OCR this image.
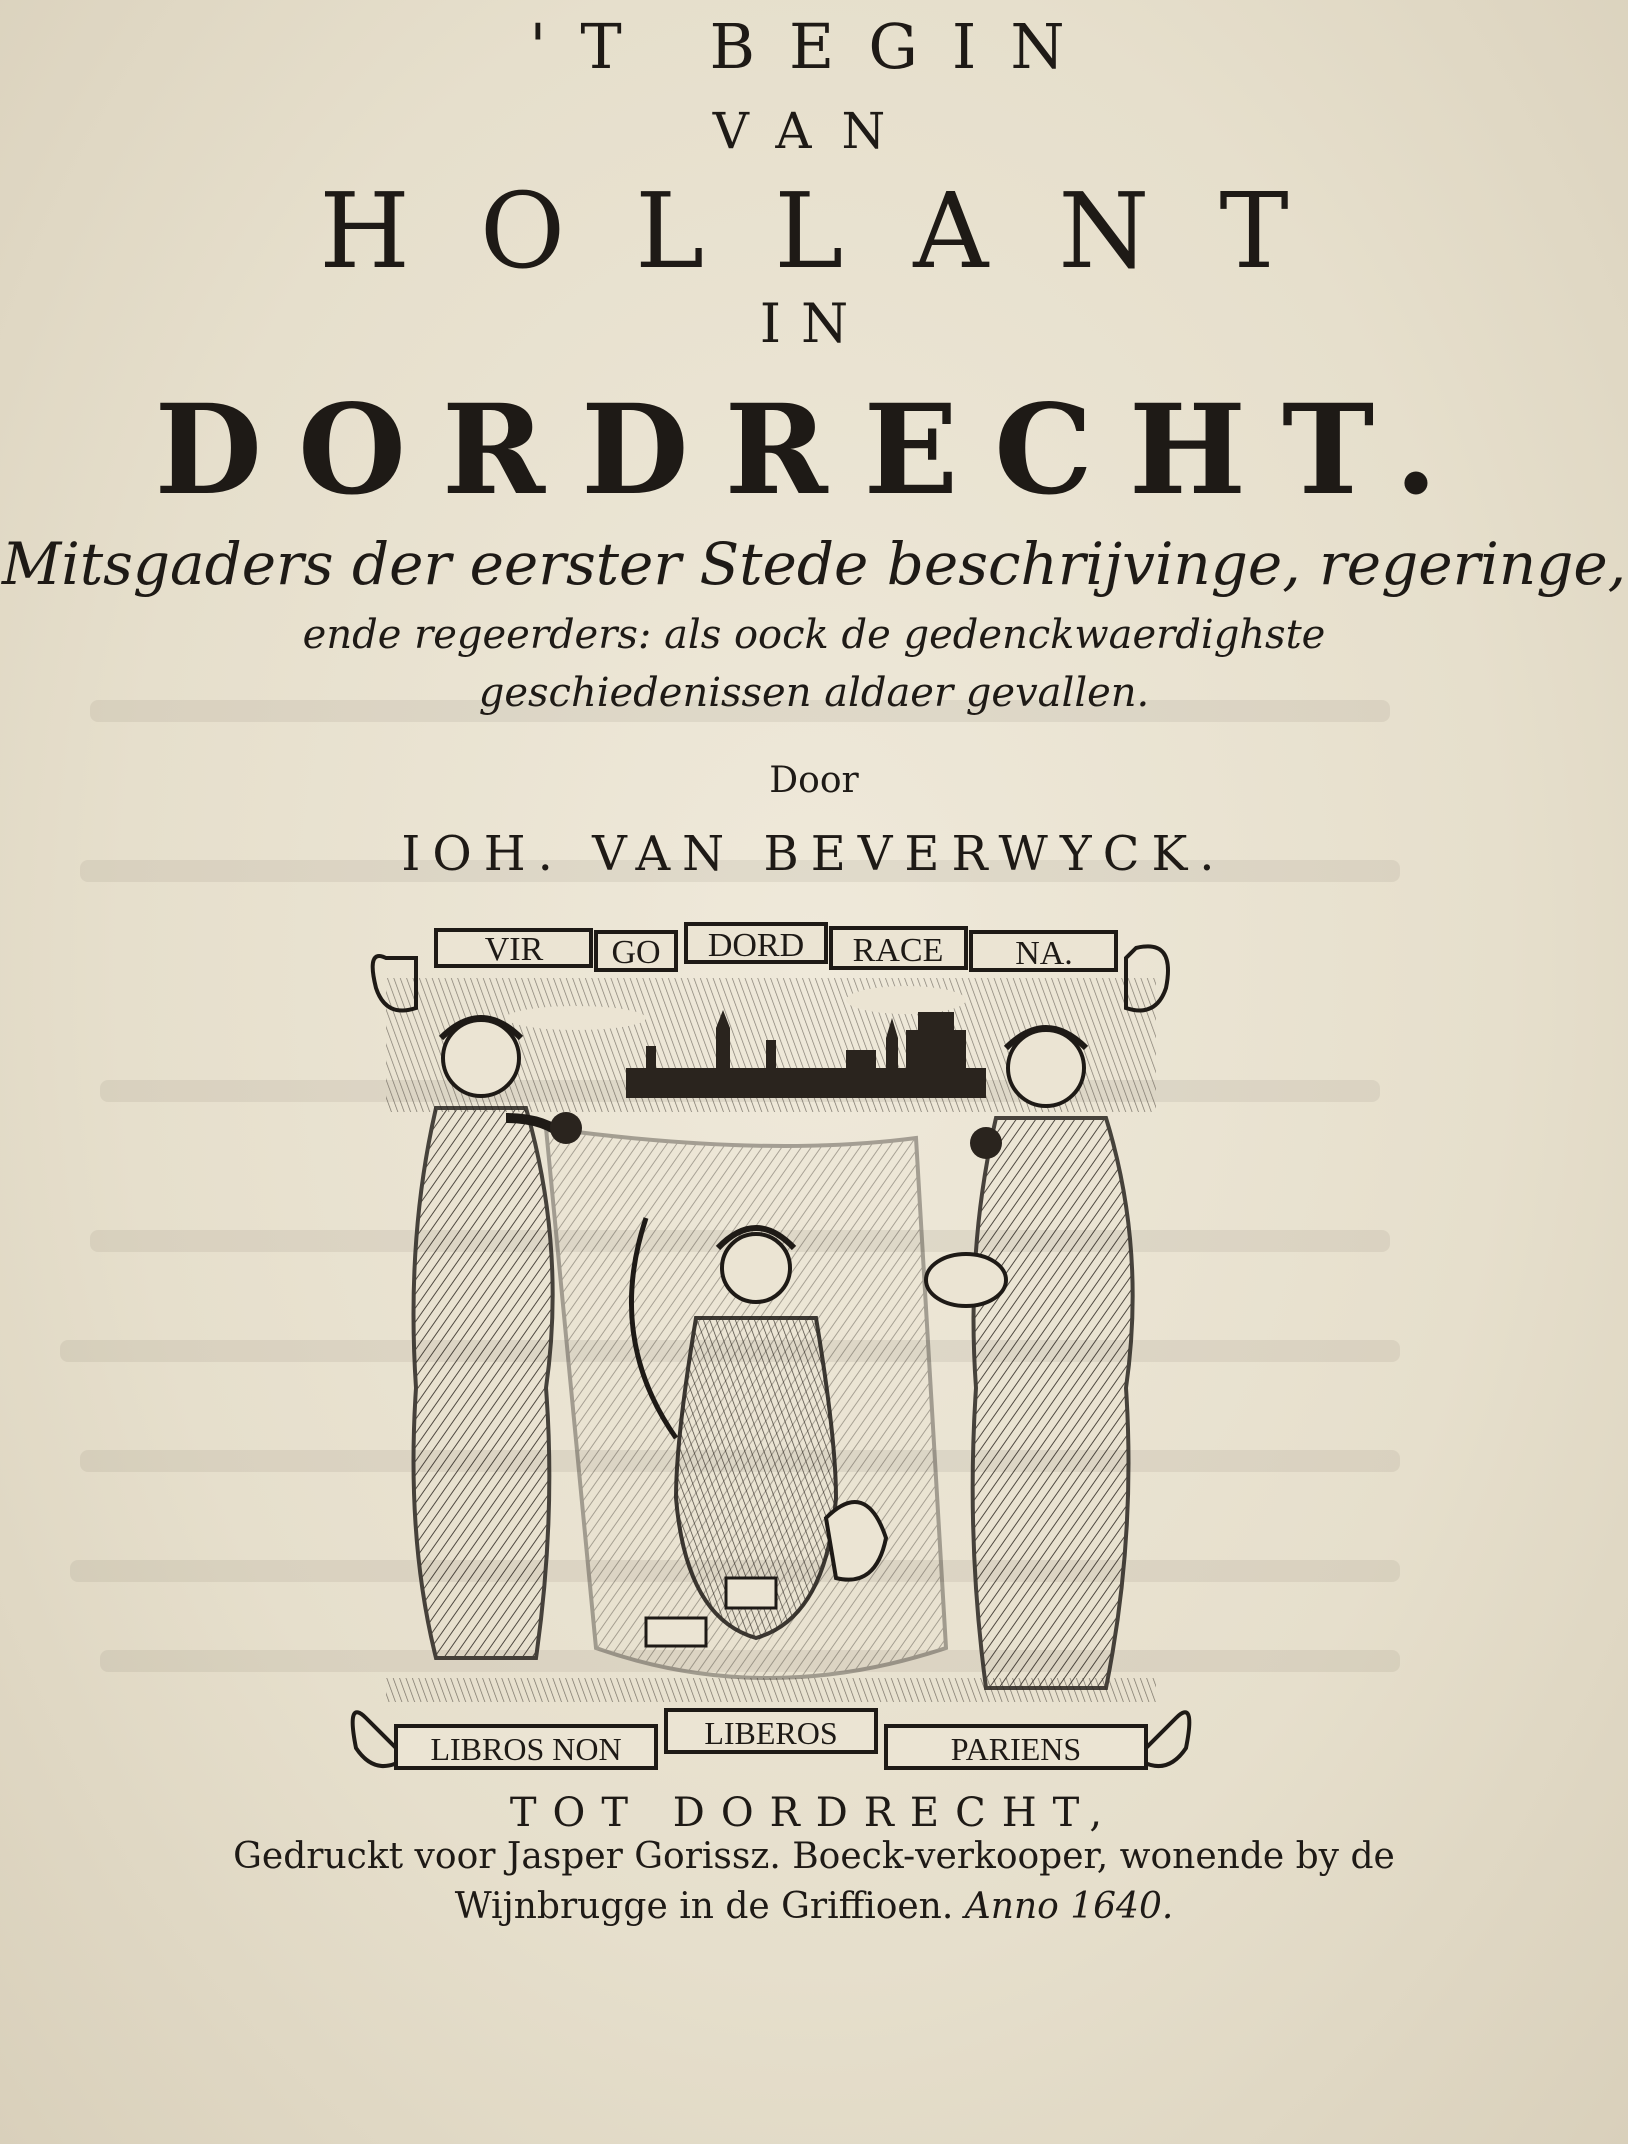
'T BEGIN
VAN
HOLLANT
IN
DORDRECHT.
Mitsgaders der eerster Stede beschrijvinge, regeringe,
ende regeerders: als oock de gedenckwaerdighste
geschiedenissen aldaer gevallen.
Door
IOH. VAN BEVERWYCK.
VIR GO DORD RACE NA.
LIBROS NON	LIBEROS	PARIENS
TOT DORDRECHT,
Gedruckt voor Jasper Gorissz. Boeck-verkooper, wonende by de
Wijnbrugge in de Griffioen. Anno 1640.
